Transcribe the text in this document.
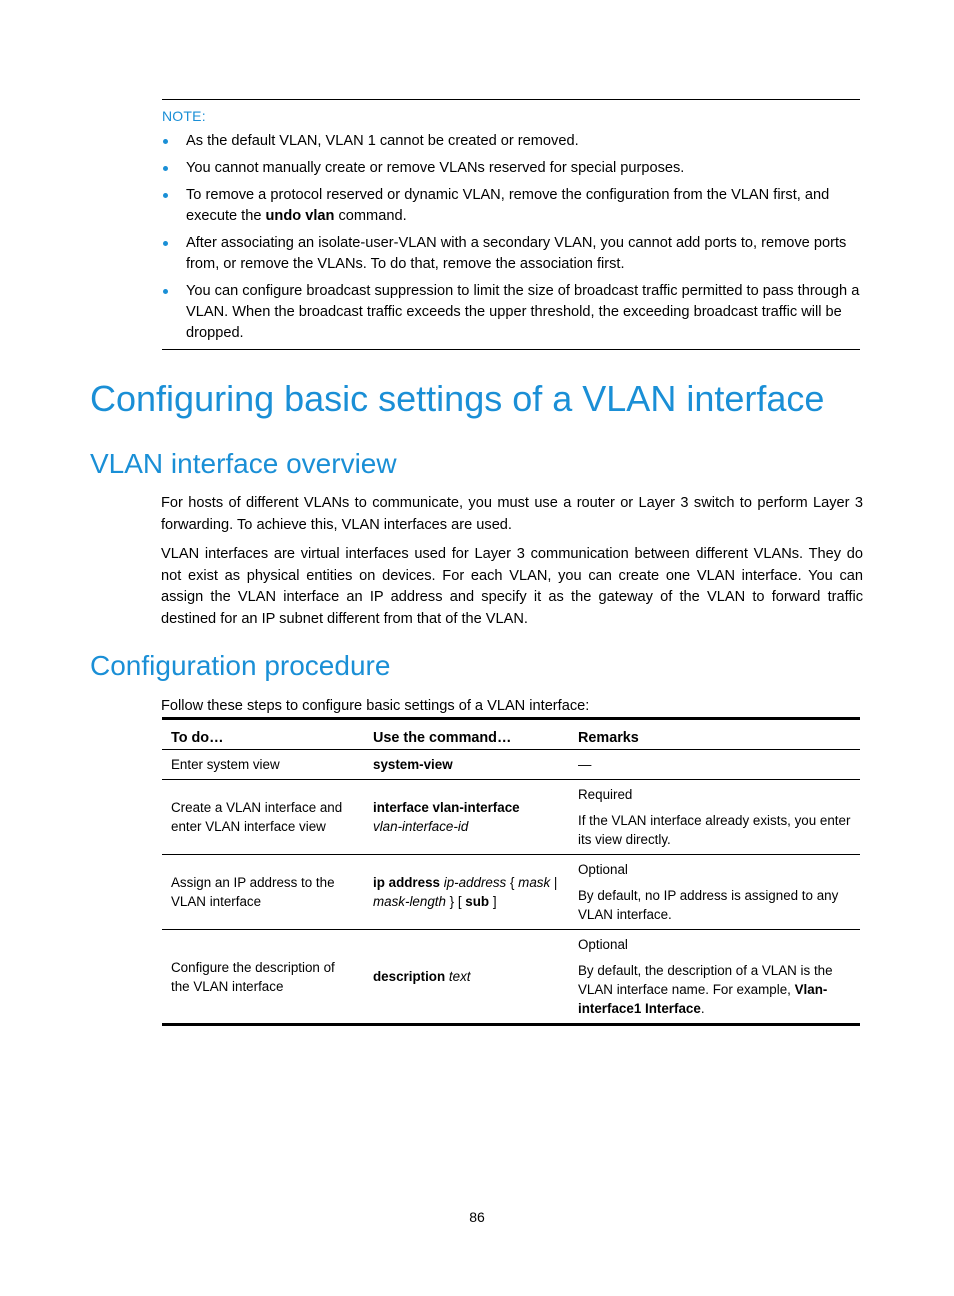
NOTE:
As the default VLAN, VLAN 1 cannot be created or removed.
You cannot manually create or remove VLANs reserved for special purposes.
To remove a protocol reserved or dynamic VLAN, remove the configuration from the VLAN first, and execute the undo vlan command.
After associating an isolate-user-VLAN with a secondary VLAN, you cannot add ports to, remove ports from, or remove the VLANs. To do that, remove the association first.
You can configure broadcast suppression to limit the size of broadcast traffic permitted to pass through a VLAN. When the broadcast traffic exceeds the upper threshold, the exceeding broadcast traffic will be dropped.
Configuring basic settings of a VLAN interface
VLAN interface overview

For hosts of different VLANs to communicate, you must use a router or Layer 3 switch to perform Layer 3 forwarding. To achieve this, VLAN interfaces are used.

VLAN interfaces are virtual interfaces used for Layer 3 communication between different VLANs. They do not exist as physical entities on devices. For each VLAN, you can create one VLAN interface. You can assign the VLAN interface an IP address and specify it as the gateway of the VLAN to forward traffic destined for an IP subnet different from that of the VLAN.

Configuration procedure

Follow these steps to configure basic settings of a VLAN interface:

To do…	Use the command…	Remarks
Enter system view	system-view	—
Create a VLAN interface and enter VLAN interface view	interface vlan-interface
vlan-interface-id	Required
If the VLAN interface already exists, you enter its view directly.

Assign an IP address to the VLAN interface	ip address ip-address { mask |
mask-length } [ sub ]	Optional
By default, no IP address is assigned to any VLAN interface.

Configure the description of the VLAN interface	description text	Optional
By default, the description of a VLAN is the VLAN interface name. For example, Vlan-interface1 Interface.
86
